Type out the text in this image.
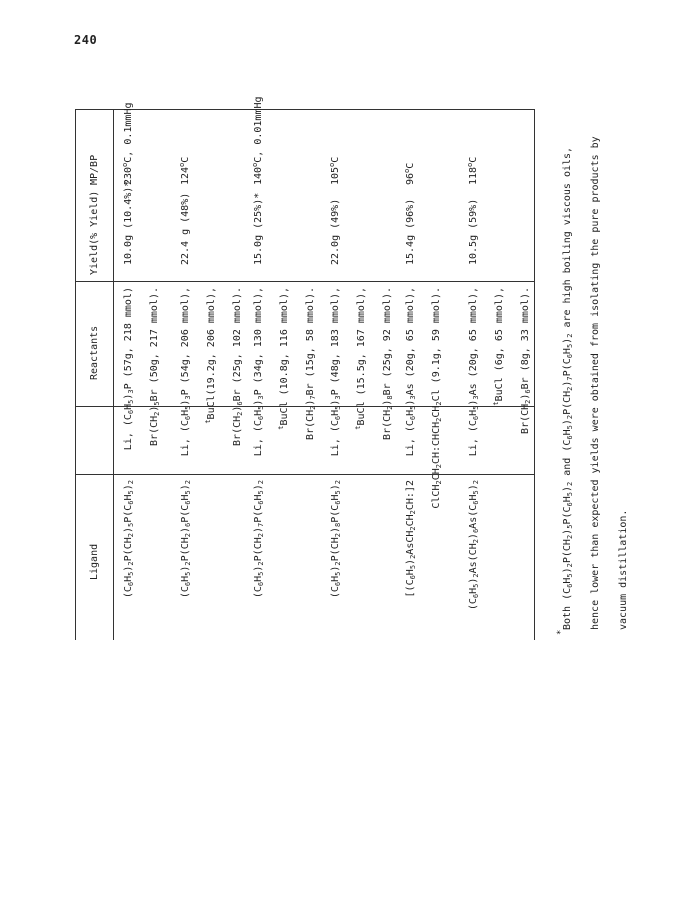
240
Ligand
Reactants
Yield(% Yield)
MP/BP
$(C_6H_5)_2P(CH_2)_5P(C_6H_5)_2$
Li, $(C_6H_5)_3P$ (57g, 218 mmol)
$Br(CH_2)_5Br$ (50g, 217 mmol).
10.0g (10.4%)*
230$^o$C, 0.1mmHg
$(C_6H_5)_2P(CH_2)_6P(C_6H_5)_2$
Li, $(C_6H_5)_3P$ (54g, 206 mmol),
$^t$BuCl(19.2g, 206 mmol),
$Br(CH_2)_6Br$ (25g, 102 mmol).
22.4 g (48%)
124$^o$C
$(C_6H_5)_2P(CH_2)_7P(C_6H_5)_2$
Li, $(C_6H_5)_3P$ (34g, 130 mmol),
$^t$BuCl (10.8g, 116 mmol), $Br(CH_2)_7Br$ (15g, 58 mmol).
15.0g (25%)*
140$^o$C, 0.01mmHg
$(C_6H_5)_2P(CH_2)_8P(C_6H_5)_2$
Li, $(C_6H_5)_3P$ (48g, 183 mmol),
$^t$BuCl (15.5g, 167 mmol), $Br(CH_2)_8Br$ (25g, 92 mmol).
22.0g (49%)
105$^o$C
$[(C_6H_5)_2AsCH_2CH_2CH:]2$
Li, $(C_6H_5)_3As$ (20g, 65 mmol),
$ClCH_2CH_2CH:CHCH_2CH_2Cl$ (9.1g, 59 mmol).
15.4g (96%)
96$^o$C
$(C_6H_5)_2As(CH_2)_6As(C_6H_5)_2$
Li, $(C_6H_5)_3As$ (20g, 65 mmol),
$^t$BuCl (6g, 65 mmol),
$Br(CH_2)_6Br$ (8g, 33 mmol).
10.5g (59%)
118$^o$C
*
Both $(C_6H_5)_2P(CH_2)_5P(C_6H_5)_2$ and $(C_6H_5)_2P(CH_2)_7P(C_6H_5)_2$ are high boiling viscous oils, hence lower than expected yields were obtained from isolating the pure products by vacuum distillation.
